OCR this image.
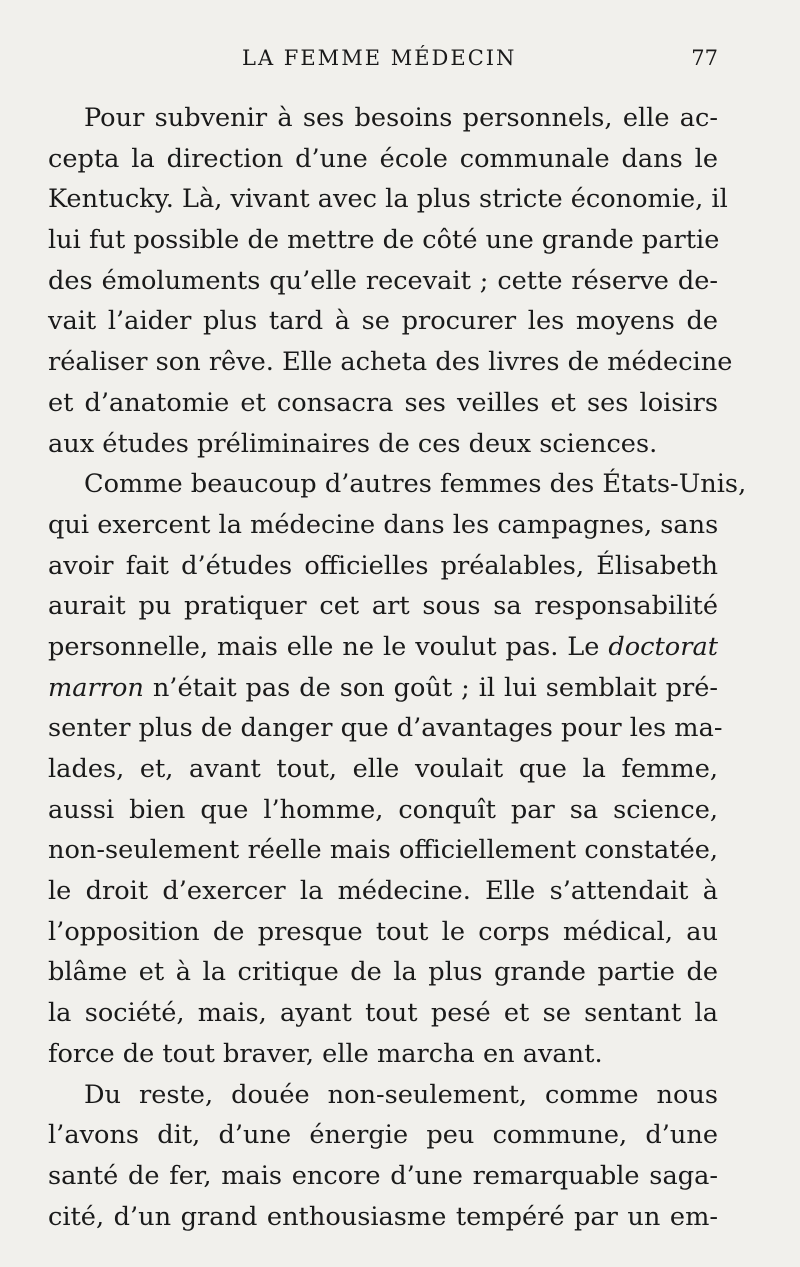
LA FEMME MÉDECIN	77
Pour subvenir à ses besoins personnels, elle ac-
cepta la direction d’une école communale dans le
Kentucky. Là, vivant avec la plus stricte économie, il
lui fut possible de mettre de côté une grande partie
des émoluments qu’elle recevait ; cette réserve de-
vait l’aider plus tard à se procurer les moyens de
réaliser son rêve. Elle acheta des livres de médecine
et d’anatomie et consacra ses veilles et ses loisirs
aux études préliminaires de ces deux sciences.
Comme beaucoup d’autres femmes des États-Unis,
qui exercent la médecine dans les campagnes, sans
avoir fait d’études officielles préalables, Élisabeth
aurait pu pratiquer cet art sous sa responsabilité
personnelle, mais elle ne le voulut pas. Le doctorat
marron n’était pas de son goût ; il lui semblait pré-
senter plus de danger que d’avantages pour les ma-
lades, et, avant tout, elle voulait que la femme,
aussi bien que l’homme, conquît par sa science,
non-seulement réelle mais officiellement constatée,
le droit d’exercer la médecine. Elle s’attendait à
l’opposition de presque tout le corps médical, au
blâme et à la critique de la plus grande partie de
la société, mais, ayant tout pesé et se sentant la
force de tout braver, elle marcha en avant.
Du reste, douée non-seulement, comme nous
l’avons dit, d’une énergie peu commune, d’une
santé de fer, mais encore d’une remarquable saga-
cité, d’un grand enthousiasme tempéré par un em-
